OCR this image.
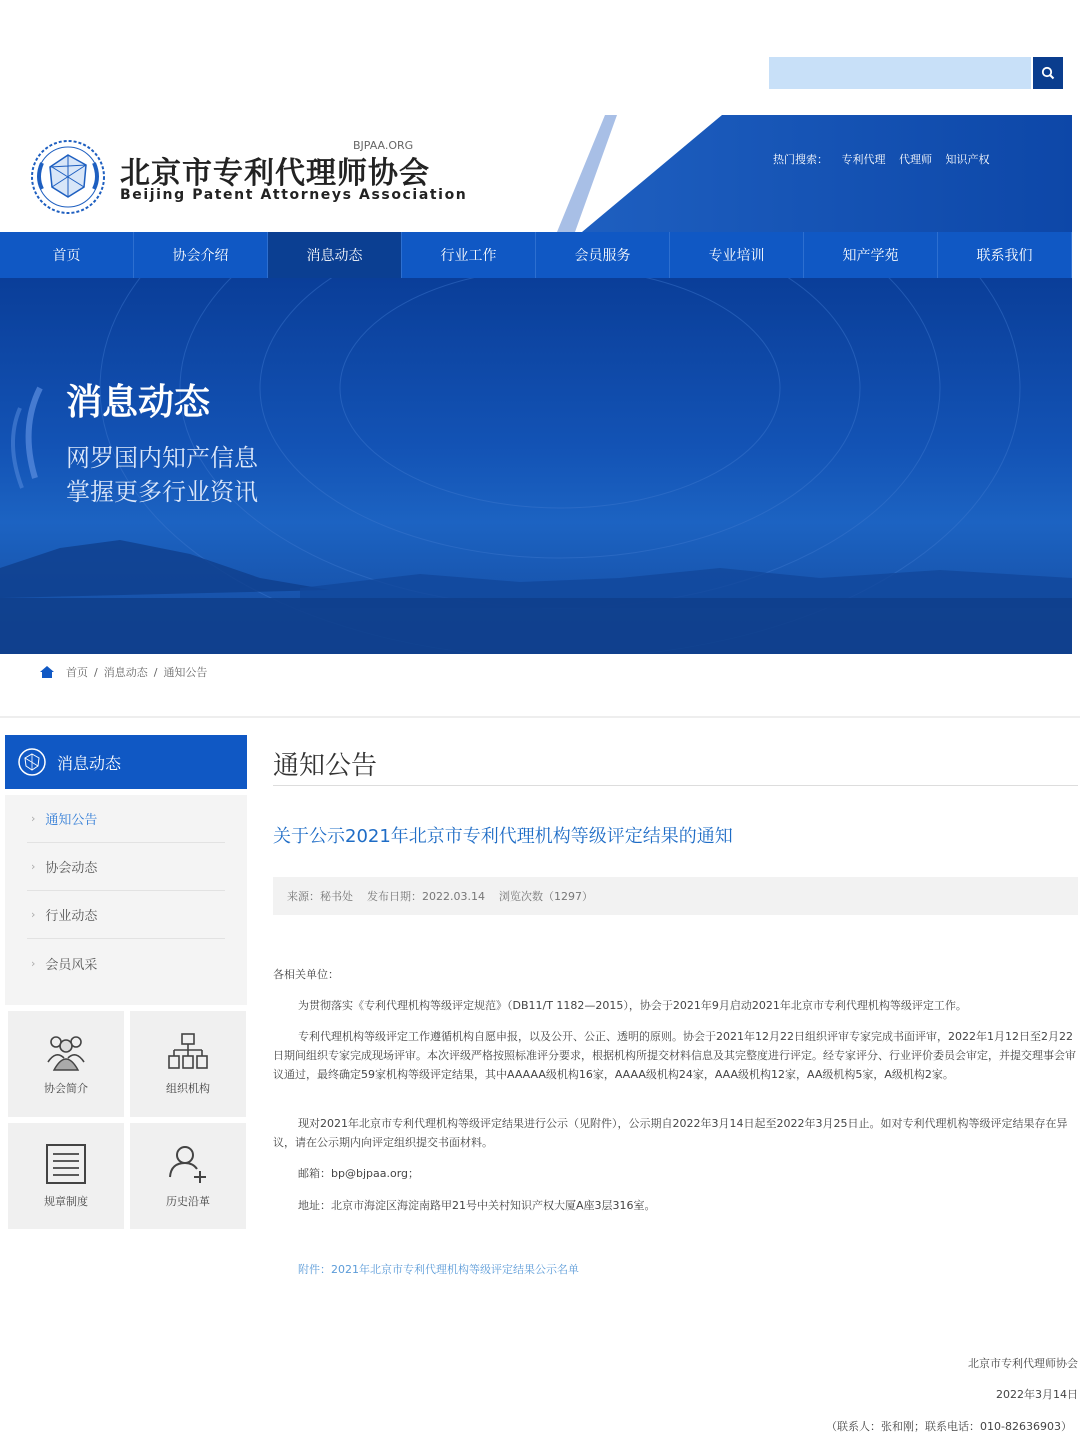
北京市专利代理师协会
BJPAA.ORG
Beijing Patent Attorneys Association
热门搜索： 专利代理 代理师 知识产权
首页	协会介绍	消息动态	行业工作	会员服务	专业培训	知产学苑	联系我们
消息动态
网罗国内知产信息
掌握更多行业资讯
首页 / 消息动态 / 通知公告
消息动态
› 通知公告
› 协会动态
› 行业动态
› 会员风采
协会简介	组织机构
规章制度	历史沿革
通知公告
关于公示2021年北京市专利代理机构等级评定结果的通知
来源：秘书处 发布日期：2022.03.14 浏览次数（1297）
各相关单位：
为贯彻落实《专利代理机构等级评定规范》（DB11/T 1182—2015），协会于2021年9月启动2021年北京市专利代理机构等级评定工作。
专利代理机构等级评定工作遵循机构自愿申报，以及公开、公正、透明的原则。协会于2021年12月22日组织评审专家完成书面评审，2022年1月12日至2月22日期间组织专家完成现场评审。本次评级严格按照标准评分要求，根据机构所提交材料信息及其完整度进行评定。经专家评分、行业评价委员会审定，并提交理事会审议通过，最终确定59家机构等级评定结果，其中AAAAA级机构16家，AAAA级机构24家，AAA级机构12家，AA级机构5家，A级机构2家。
现对2021年北京市专利代理机构等级评定结果进行公示（见附件），公示期自2022年3月14日起至2022年3月25日止。如对专利代理机构等级评定结果存在异议，请在公示期内向评定组织提交书面材料。
邮箱：bp@bjpaa.org；
地址：北京市海淀区海淀南路甲21号中关村知识产权大厦A座3层316室。
附件：2021年北京市专利代理机构等级评定结果公示名单
北京市专利代理师协会
2022年3月14日
（联系人：张和刚；联系电话：010-82636903）
